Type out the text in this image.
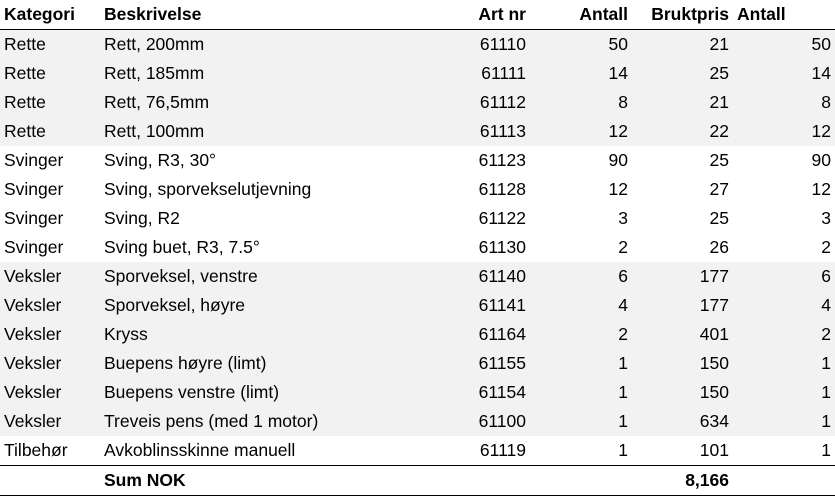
Kategori	Beskrivelse	Art nr	Antall	Bruktpris	Antall
Rette	Rett, 200mm	61110	50	21	50
Rette	Rett, 185mm	61111	14	25	14
Rette	Rett, 76,5mm	61112	8	21	8
Rette	Rett, 100mm	61113	12	22	12
Svinger	Sving, R3, 30°	61123	90	25	90
Svinger	Sving, sporvekselutjevning	61128	12	27	12
Svinger	Sving, R2	61122	3	25	3
Svinger	Sving buet, R3, 7.5°	61130	2	26	2
Veksler	Sporveksel, venstre	61140	6	177	6
Veksler	Sporveksel, høyre	61141	4	177	4
Veksler	Kryss	61164	2	401	2
Veksler	Buepens høyre (limt)	61155	1	150	1
Veksler	Buepens venstre (limt)	61154	1	150	1
Veksler	Treveis pens (med 1 motor)	61100	1	634	1
Tilbehør	Avkoblinsskinne manuell	61119	1	101	1
	Sum NOK			8,166	
